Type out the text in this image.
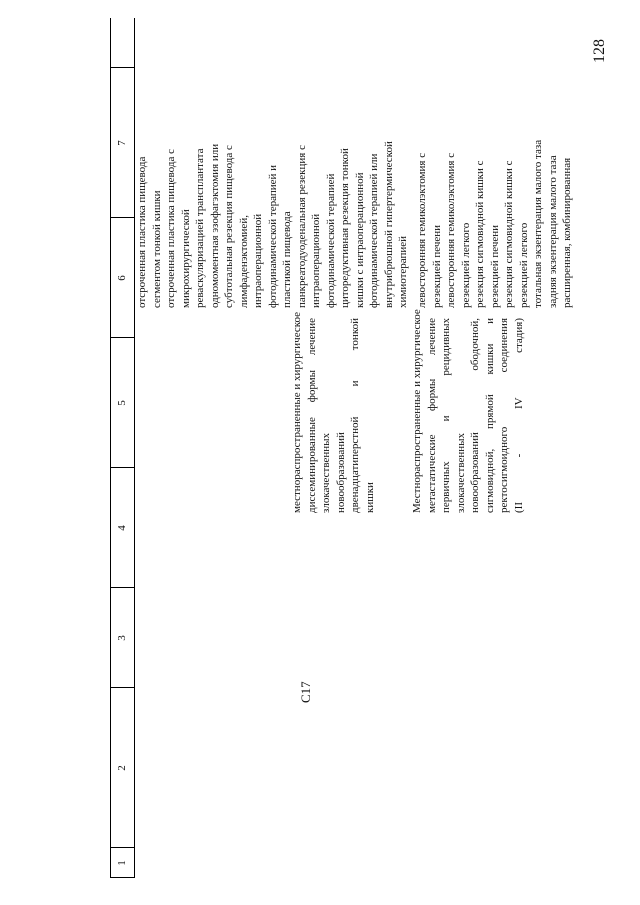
128
1
2
3
4
5
6
7
C17
местнораспространенные и хирургическое диссеминированные формы лечение злокачественных новообразований двенадцатиперстной и тонкой кишки
отсроченная пластика пищевода сегментом тонкой кишки отсроченная пластика пищевода с микрохирургической реваскуляризацией трансплантата одномоментная эзофагэктомия или субтотальная резекция пищевода с лимфаденэктомией, интраоперационной фотодинамической терапией и пластикой пищевода панкреатодуоденальная резекция с интраоперационной фотодинамической терапией циторедуктивная резекция тонкой кишки с интраоперационной фотодинамической терапией или внутрибрюшной гипертермической химиотерапией
Местнораспространенные и хирургическое метастатические формы лечение первичных и рецидивных злокачественных новообразований ободочной, сигмовидной, прямой кишки и ректосигмоидного соединения (II - IV стадия)
левосторонняя гемиколэктомия с резекцией печени левосторонняя гемиколэктомия с резекцией легкого резекция сигмовидной кишки с резекцией печени резекция сигмовидной кишки с резекцией легкого тотальная экзентерация малого таза задняя экзентерация малого таза расширенная, комбинированная
